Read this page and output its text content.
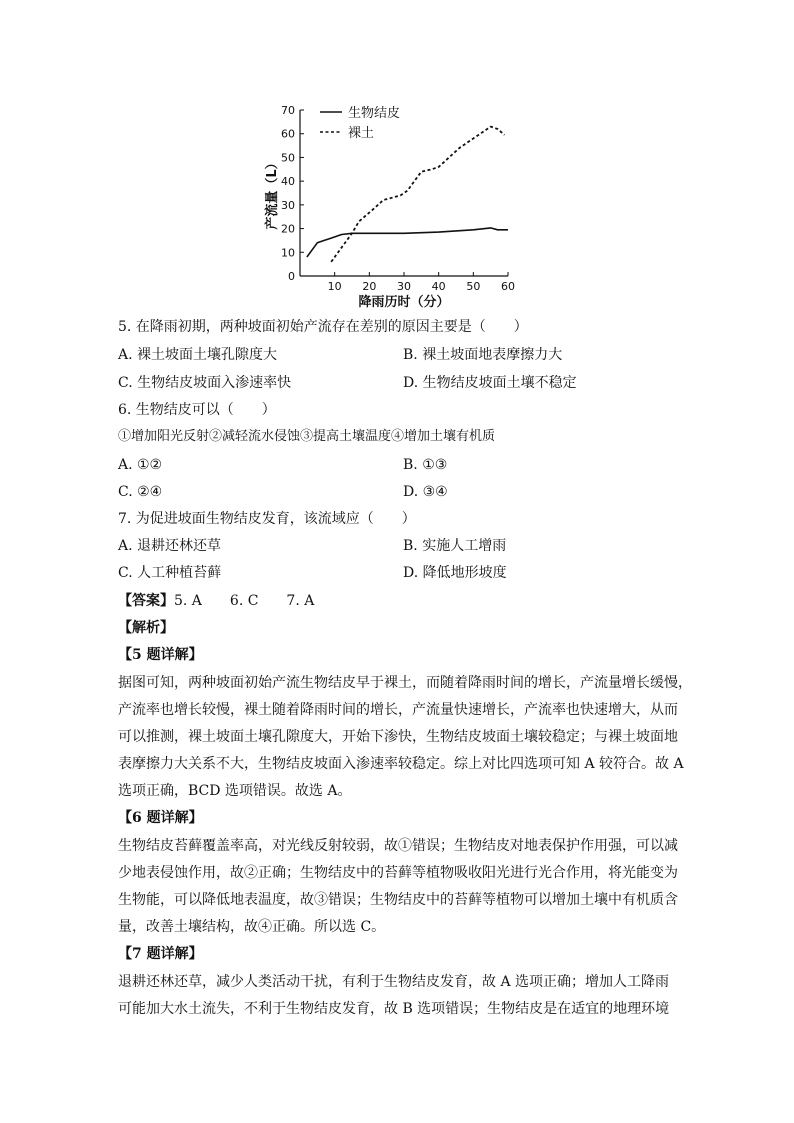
0
10
20
30
40
50
60
70
10 20 30 40 50 60
降雨历时（分）
产流量（L）
生物结皮
裸土
5. 在降雨初期，两种坡面初始产流存在差别的原因主要是（　　）
A. 裸土坡面土壤孔隙度大	B. 裸土坡面地表摩擦力大
C. 生物结皮坡面入渗速率快	D. 生物结皮坡面土壤不稳定
6. 生物结皮可以（　　）
①增加阳光反射②减轻流水侵蚀③提高土壤温度④增加土壤有机质
A. ①②	B. ①③
C. ②④	D. ③④
7. 为促进坡面生物结皮发育，该流域应（　　）
A. 退耕还林还草	B. 实施人工增雨
C. 人工种植苔藓	D. 降低地形坡度
【答案】5. A　　6. C　　7. A
【解析】
【5 题详解】
据图可知，两种坡面初始产流生物结皮早于裸土，而随着降雨时间的增长，产流量增长缓慢，
产流率也增长较慢，裸土随着降雨时间的增长，产流量快速增长，产流率也快速增大，从而
可以推测，裸土坡面土壤孔隙度大，开始下渗快，生物结皮坡面土壤较稳定；与裸土坡面地
表摩擦力大关系不大，生物结皮坡面入渗速率较稳定。综上对比四选项可知 A 较符合。故 A
选项正确，BCD 选项错误。故选 A。
【6 题详解】
生物结皮苔藓覆盖率高，对光线反射较弱，故①错误；生物结皮对地表保护作用强，可以减
少地表侵蚀作用，故②正确；生物结皮中的苔藓等植物吸收阳光进行光合作用，将光能变为
生物能，可以降低地表温度，故③错误；生物结皮中的苔藓等植物可以增加土壤中有机质含
量，改善土壤结构，故④正确。所以选 C。
【7 题详解】
退耕还林还草，减少人类活动干扰，有利于生物结皮发育，故 A 选项正确；增加人工降雨
可能加大水土流失，不利于生物结皮发育，故 B 选项错误；生物结皮是在适宜的地理环境
